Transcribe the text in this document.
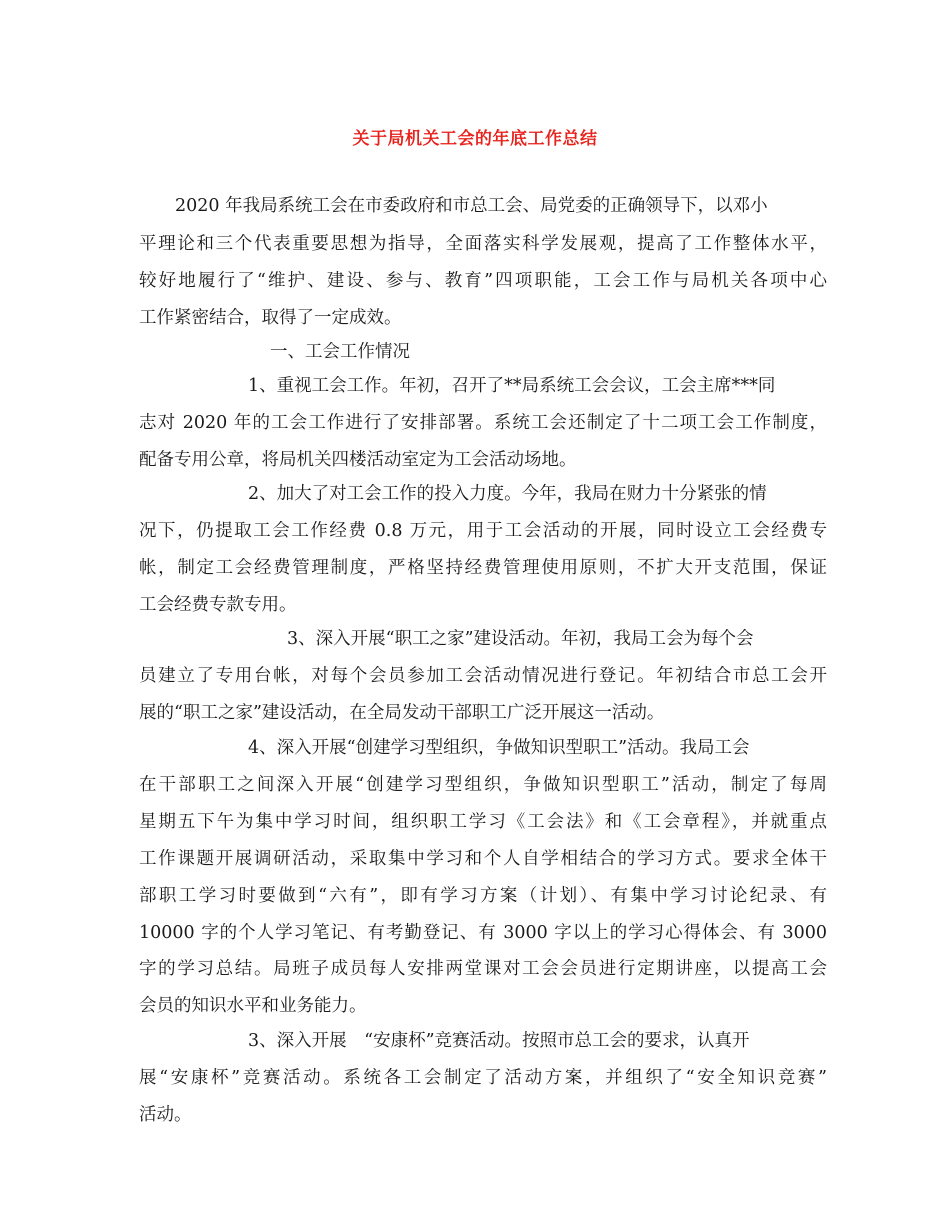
关于局机关工会的年底工作总结

2020 年我局系统工会在市委政府和市总工会、局党委的正确领导下，以邓小

平理论和三个代表重要思想为指导，全面落实科学发展观，提高了工作整体水平，

较好地履行了“维护、建设、参与、教育”四项职能，工会工作与局机关各项中心

工作紧密结合，取得了一定成效。

一、工会工作情况

1、重视工会工作。年初，召开了**局系统工会会议，工会主席***同

志对 2020 年的工会工作进行了安排部署。系统工会还制定了十二项工会工作制度，

配备专用公章，将局机关四楼活动室定为工会活动场地。

2、加大了对工会工作的投入力度。今年，我局在财力十分紧张的情

况下，仍提取工会工作经费 0.8 万元，用于工会活动的开展，同时设立工会经费专

帐，制定工会经费管理制度，严格坚持经费管理使用原则，不扩大开支范围，保证

工会经费专款专用。

3、深入开展“职工之家”建设活动。年初，我局工会为每个会

员建立了专用台帐，对每个会员参加工会活动情况进行登记。年初结合市总工会开

展的“职工之家”建设活动，在全局发动干部职工广泛开展这一活动。

4、深入开展“创建学习型组织，争做知识型职工”活动。我局工会

在干部职工之间深入开展“创建学习型组织，争做知识型职工”活动，制定了每周

星期五下午为集中学习时间，组织职工学习《工会法》和《工会章程》，并就重点

工作课题开展调研活动，采取集中学习和个人自学相结合的学习方式。要求全体干

部职工学习时要做到“六有”，即有学习方案（计划）、有集中学习讨论纪录、有

10000 字的个人学习笔记、有考勤登记、有 3000 字以上的学习心得体会、有 3000

字的学习总结。局班子成员每人安排两堂课对工会会员进行定期讲座，以提高工会

会员的知识水平和业务能力。

3、深入开展　“安康杯”竞赛活动。按照市总工会的要求，认真开

展“安康杯”竞赛活动。系统各工会制定了活动方案，并组织了“安全知识竞赛”

活动。
